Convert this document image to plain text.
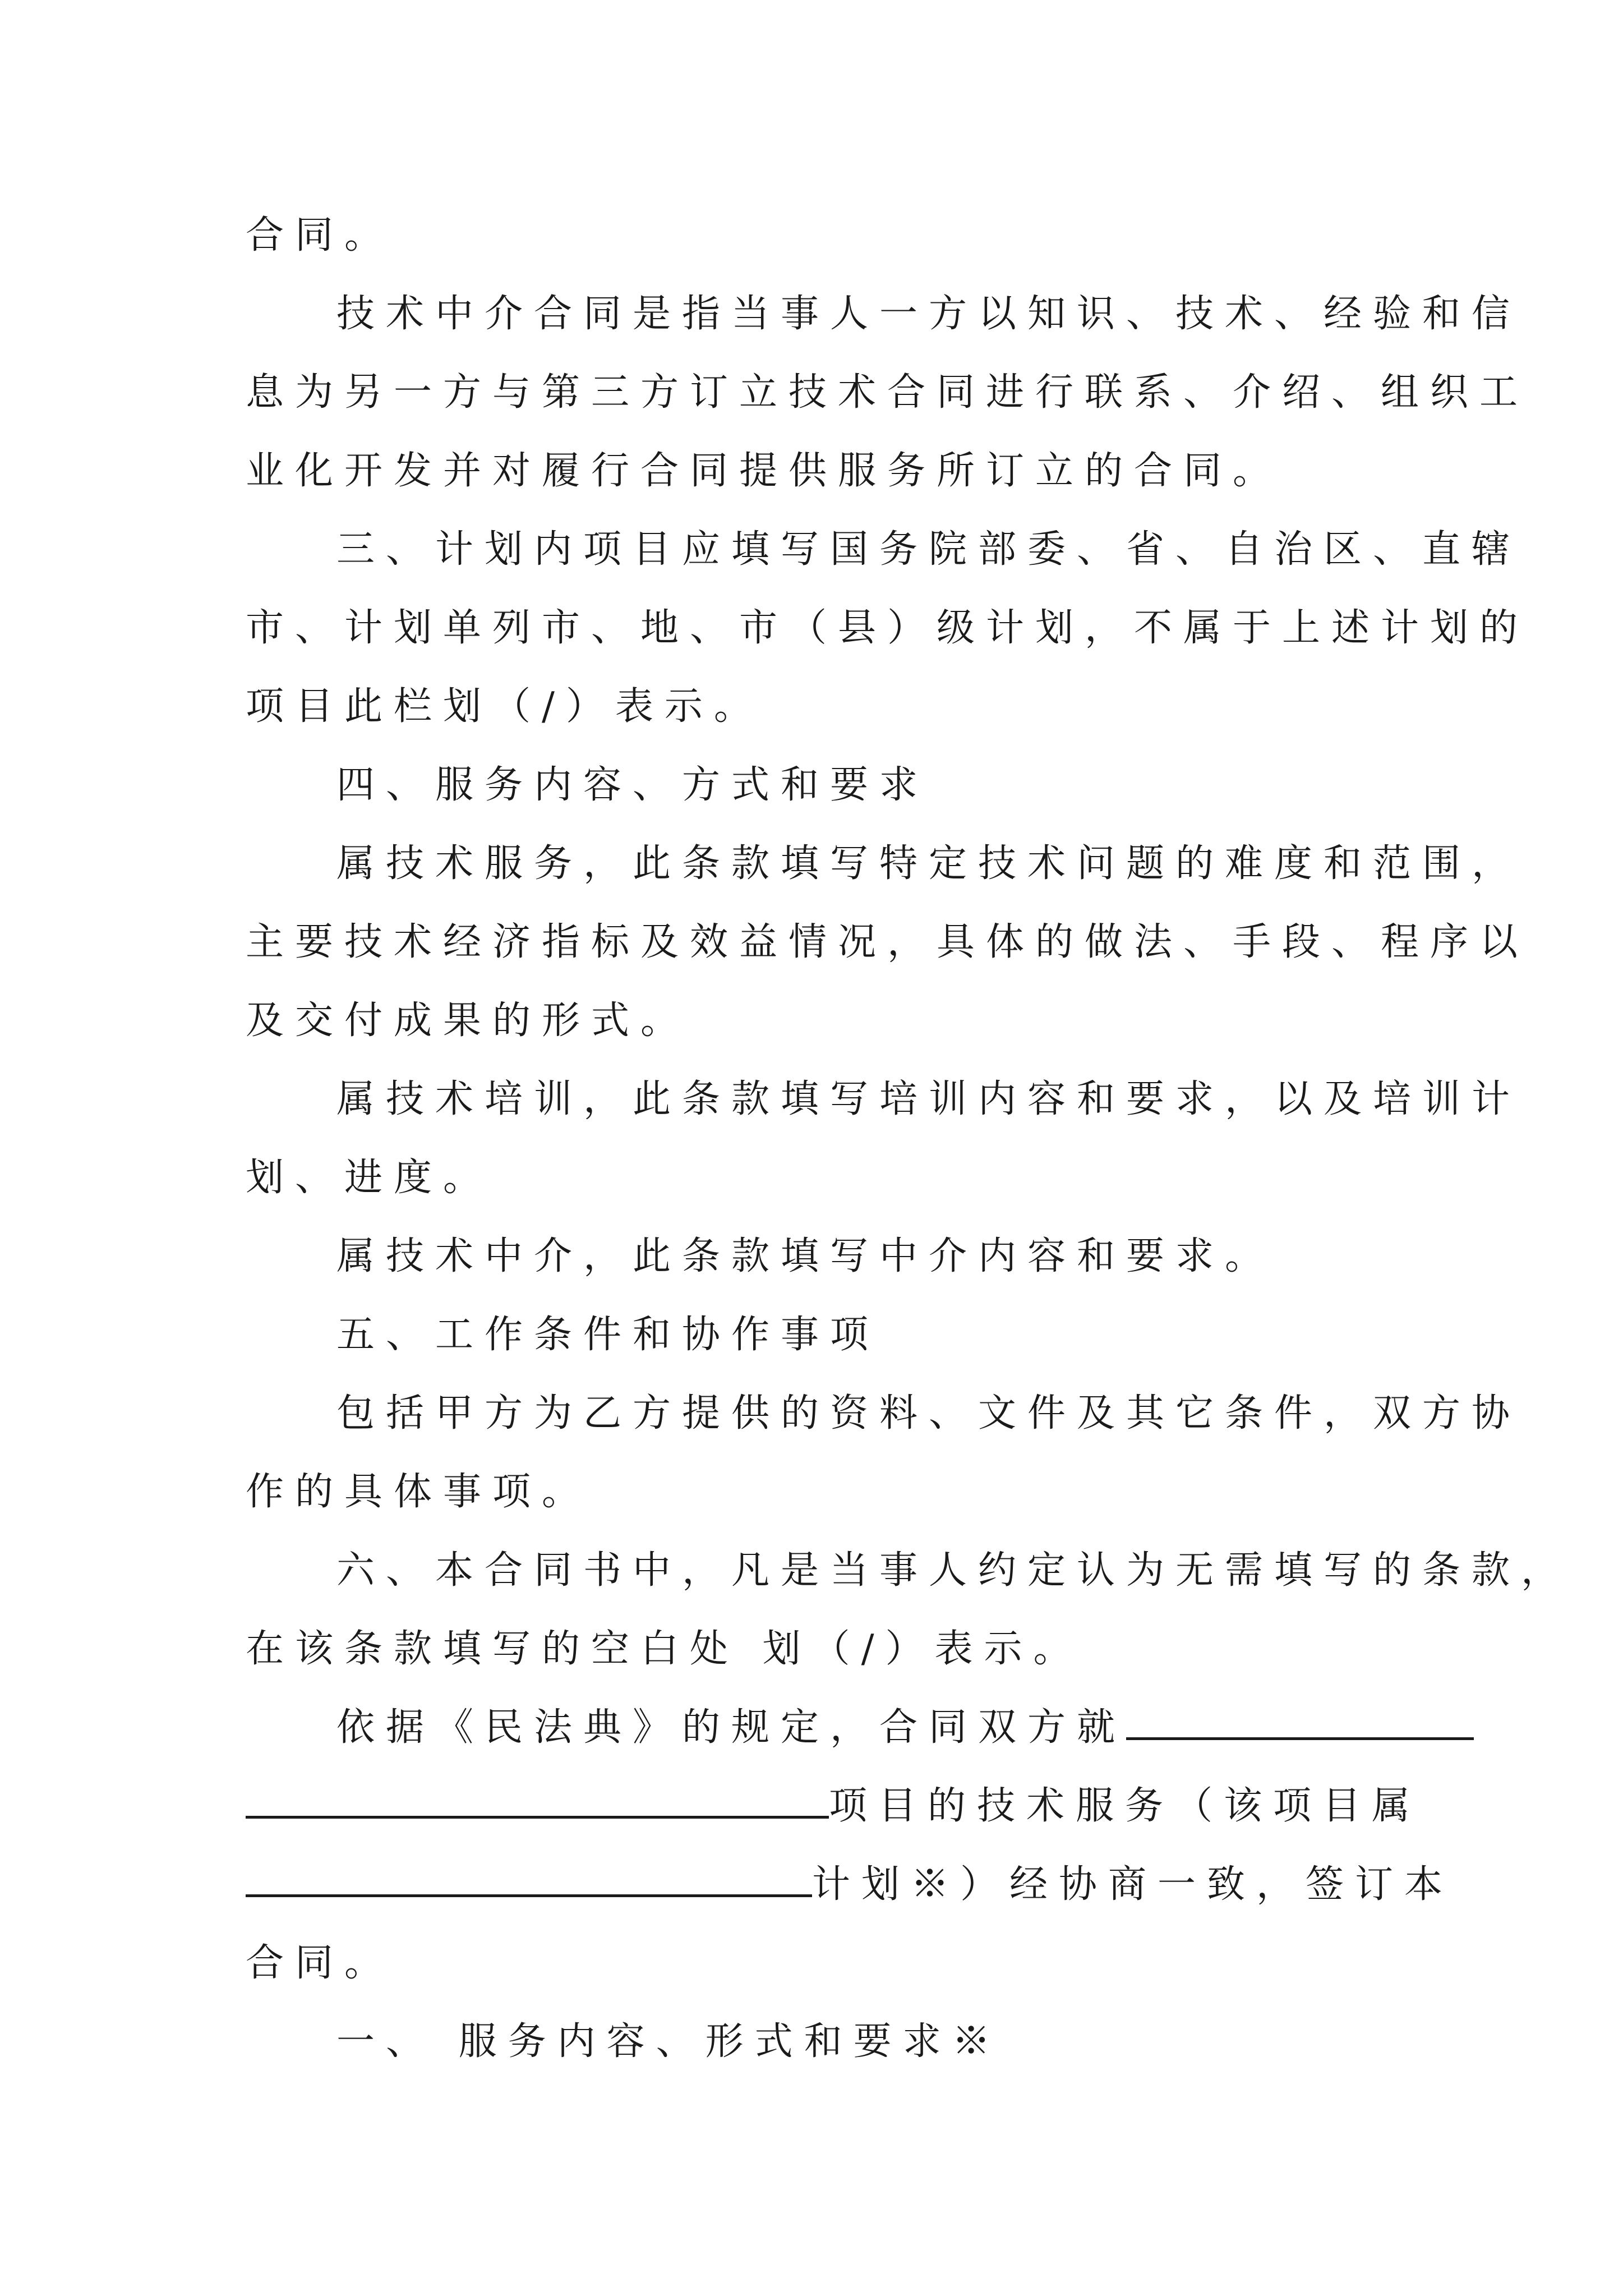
合同。
技术中介合同是指当事人一方以知识、技术、经验和信
息为另一方与第三方订立技术合同进行联系、介绍、组织工
业化开发并对履行合同提供服务所订立的合同。
三、计划内项目应填写国务院部委、省、自治区、直辖
市、计划单列市、地、市（县）级计划，不属于上述计划的
项目此栏划（/）表示。
四、服务内容、方式和要求
属技术服务，此条款填写特定技术问题的难度和范围，
主要技术经济指标及效益情况，具体的做法、手段、程序以
及交付成果的形式。
属技术培训，此条款填写培训内容和要求，以及培训计
划、进度。
属技术中介，此条款填写中介内容和要求。
五、工作条件和协作事项
包括甲方为乙方提供的资料、文件及其它条件，双方协
作的具体事项。
六、本合同书中，凡是当事人约定认为无需填写的条款，
在该条款填写的空白处 划（/）表示。
依据《民法典》的规定，合同双方就
项目的技术服务（该项目属
计划※）经协商一致，签订本
合同。
一、 服务内容、形式和要求※
